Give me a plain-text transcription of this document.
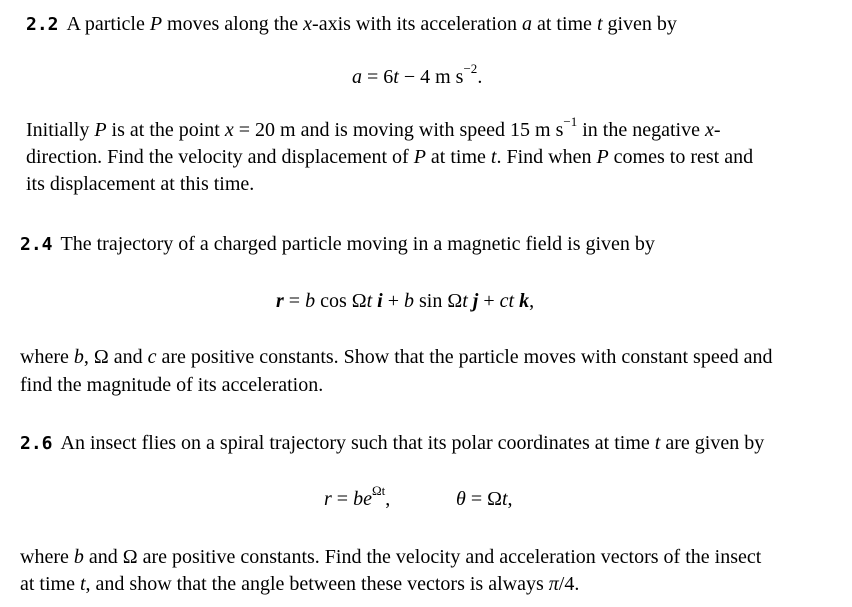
2.2 A particle P moves along the x-axis with its acceleration a at time t given by
a = 6t − 4 m $s^{-2}$.
Initially P is at the point x = 20 m and is moving with speed 15 m $s^{-1}$ in the negative x-
direction. Find the velocity and displacement of P at time t. Find when P comes to rest and
its displacement at this time.
2.4 The trajectory of a charged particle moving in a magnetic field is given by
r = b cos Ωt i + b sin Ωt j + ct k,
where b, Ω and c are positive constants. Show that the particle moves with constant speed and
find the magnitude of its acceleration.
2.6 An insect flies on a spiral trajectory such that its polar coordinates at time t are given by
$r = be^{\Omega t}$,	θ = Ωt,
where b and Ω are positive constants. Find the velocity and acceleration vectors of the insect
at time t, and show that the angle between these vectors is always π/4.
